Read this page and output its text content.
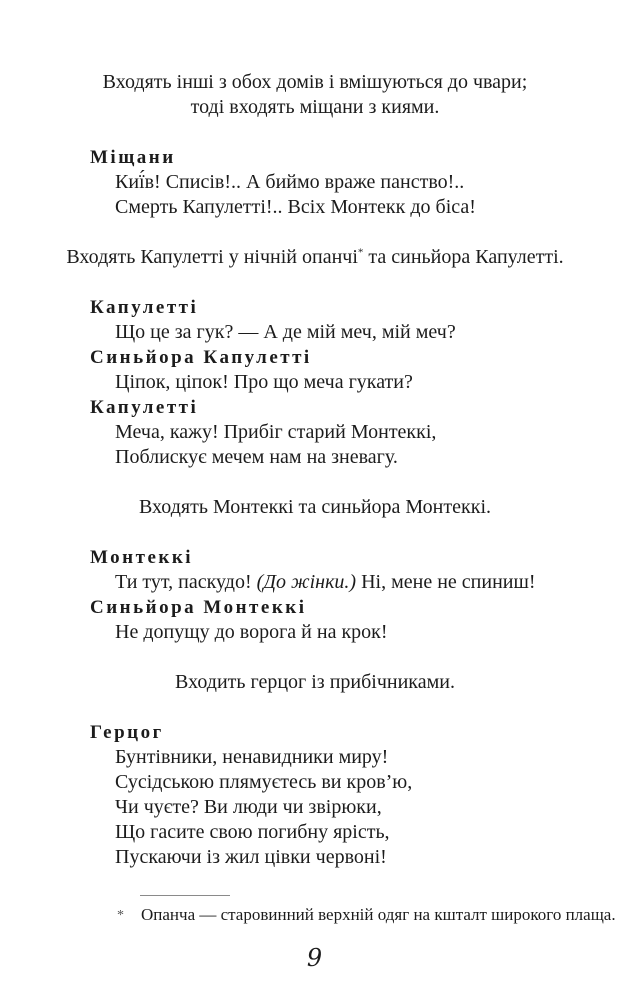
Входять інші з обох домів і вмішуються до чвари;
тоді входять міщани з киями.
Міщани
Киї́в! Списів!.. А биймо враже панство!..
Смерть Капулетті!.. Всіх Монтекк до біса!
Входять Капулетті у нічній опанчі* та синьйора Капулетті.
Капулетті
Що це за гук? — А де мій меч, мій меч?
Синьйора Капулетті
Ціпок, ціпок! Про що меча гукати?
Капулетті
Меча, кажу! Прибіг старий Монтеккі,
Поблискує мечем нам на зневагу.
Входять Монтеккі та синьйора Монтеккі.
Монтеккі
Ти тут, паскудо! (До жінки.) Ні, мене не спиниш!
Синьйора Монтеккі
Не допущу до ворога й на крок!
Входить герцог із прибічниками.
Герцог
Бунтівники, ненавидники миру!
Сусідською плямуєтесь ви кров’ю,
Чи чуєте? Ви люди чи звірюки,
Що гасите свою погибну ярість,
Пускаючи із жил цівки червоні!
* Опанча — старовинний верхній одяг на кшталт широкого плаща.
9
